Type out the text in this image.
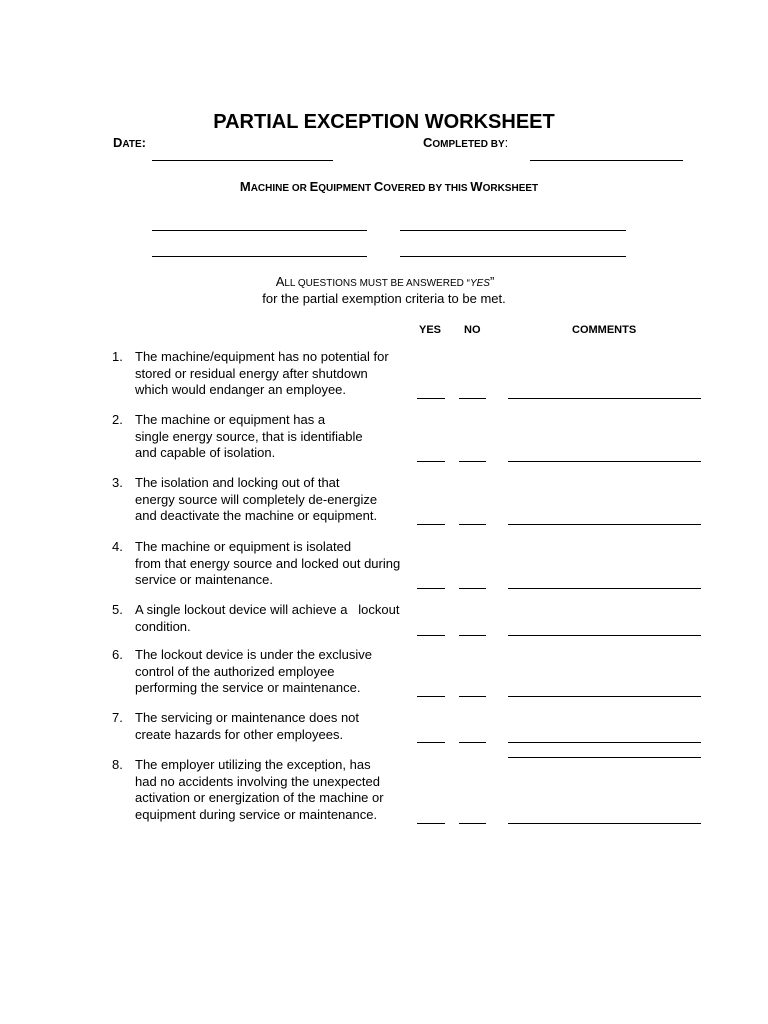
PARTIAL EXCEPTION WORKSHEET
DATE:	COMPLETED BY:
MACHINE OR EQUIPMENT COVERED BY THIS WORKSHEET
ALL QUESTIONS MUST BE ANSWERED “YES”
for the partial exemption criteria to be met.
YES NO	COMMENTS
1. The machine/equipment has no potential for
stored or residual energy after shutdown
which would endanger an employee.
2. The machine or equipment has a
single energy source, that is identifiable
and capable of isolation.
3. The isolation and locking out of that
energy source will completely de-energize
and deactivate the machine or equipment.
4. The machine or equipment is isolated
from that energy source and locked out during
service or maintenance.
5. A single lockout device will achieve a   lockout
condition.
6. The lockout device is under the exclusive
control of the authorized employee
performing the service or maintenance.
7. The servicing or maintenance does not
create hazards for other employees.
8. The employer utilizing the exception, has
had no accidents involving the unexpected
activation or energization of the machine or
equipment during service or maintenance.
